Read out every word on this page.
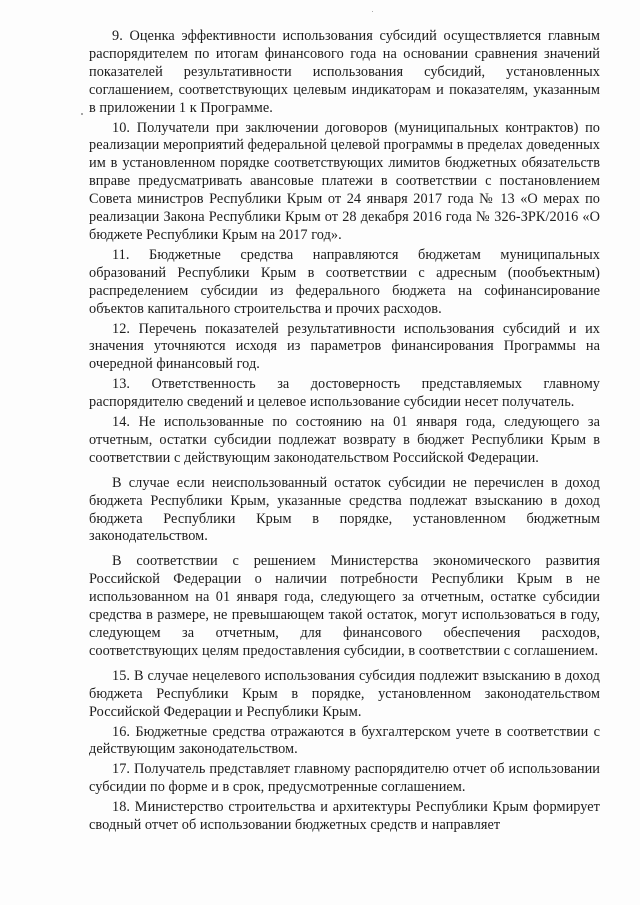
9. Оценка эффективности использования субсидий осуществляется главным распорядителем по итогам финансового года на основании сравнения значений показателей результативности использования субсидий, установленных соглашением, соответствующих целевым индикаторам и показателям, указанным в приложении 1 к Программе.

10. Получатели при заключении договоров (муниципальных контрактов) по реализации мероприятий федеральной целевой программы в пределах доведенных им в установленном порядке соответствующих лимитов бюджетных обязательств вправе предусматривать авансовые платежи в соответствии с постановлением Совета министров Республики Крым от 24 января 2017 года № 13 «О мерах по реализации Закона Республики Крым от 28 декабря 2016 года № 326-ЗРК/2016 «О бюджете Республики Крым на 2017 год».

11. Бюджетные средства направляются бюджетам муниципальных образований Республики Крым в соответствии с адресным (пообъектным) распределением субсидии из федерального бюджета на софинансирование объектов капитального строительства и прочих расходов.

12. Перечень показателей результативности использования субсидий и их значения уточняются исходя из параметров финансирования Программы на очередной финансовый год.

13. Ответственность за достоверность представляемых главному распорядителю сведений и целевое использование субсидии несет получатель.

14. Не использованные по состоянию на 01 января года, следующего за отчетным, остатки субсидии подлежат возврату в бюджет Республики Крым в соответствии с действующим законодательством Российской Федерации.

В случае если неиспользованный остаток субсидии не перечислен в доход бюджета Республики Крым, указанные средства подлежат взысканию в доход бюджета Республики Крым в порядке, установленном бюджетным законодательством.

В соответствии с решением Министерства экономического развития Российской Федерации о наличии потребности Республики Крым в не использованном на 01 января года, следующего за отчетным, остатке субсидии средства в размере, не превышающем такой остаток, могут использоваться в году, следующем за отчетным, для финансового обеспечения расходов, соответствующих целям предоставления субсидии, в соответствии с соглашением.

15. В случае нецелевого использования субсидия подлежит взысканию в доход бюджета Республики Крым в порядке, установленном законодательством Российской Федерации и Республики Крым.

16. Бюджетные средства отражаются в бухгалтерском учете в соответствии с действующим законодательством.

17. Получатель представляет главному распорядителю отчет об использовании субсидии по форме и в срок, предусмотренные соглашением.

18. Министерство строительства и архитектуры Республики Крым формирует сводный отчет об использовании бюджетных средств и направляет
